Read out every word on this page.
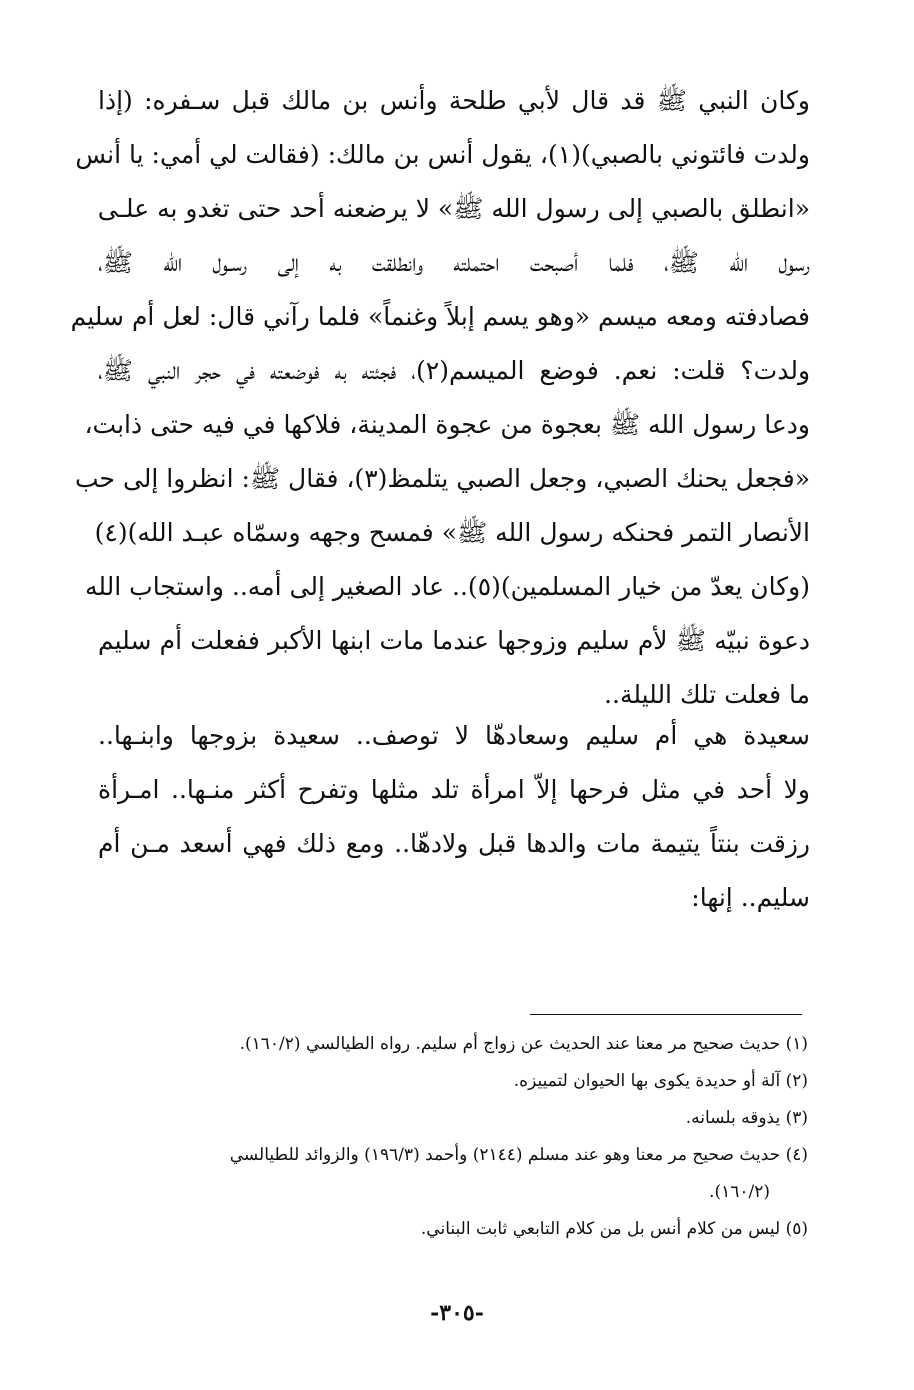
وكان النبي ﷺ قد قال لأبي طلحة وأنس بن مالك قبل سـفره: (إذا
ولدت فائتوني بالصبي)(١)، يقول أنس بن مالك: (فقالت لي أمي: يا أنس
«انطلق بالصبي إلى رسول الله ﷺ» لا يرضعنه أحد حتى تغدو به علـى
رسول الله ﷺ، فلما أصبحت احتملته وانطلقت به إلى رسـول الله ﷺ،
فصادفته ومعه ميسم «وهو يسم إبلاً وغنماً» فلما رآني قال: لعل أم سليم
ولدت؟ قلت: نعم. فوضع الميسم(٢)، فجئته به فوضعته في حجر النبي ﷺ،
ودعا رسول الله ﷺ بعجوة من عجوة المدينة، فلاكها في فيه حتى ذابت،
«فجعل يحنك الصبي، وجعل الصبي يتلمظ(٣)، فقال ﷺ: انظروا إلى حب
الأنصار التمر فحنكه رسول الله ﷺ» فمسح وجهه وسمّاه عبـد الله)(٤)
(وكان يعدّ من خيار المسلمين)(٥).. عاد الصغير إلى أمه.. واستجاب الله
دعوة نبيّه ﷺ لأم سليم وزوجها عندما مات ابنها الأكبر ففعلت أم سليم
ما فعلت تلك الليلة..
سعيدة هي أم سليم وسعادهّا لا توصف.. سعيدة بزوجها وابنـها..
ولا أحد في مثل فرحها إلاّ امرأة تلد مثلها وتفرح أكثر منـها.. امـرأة
رزقت بنتاً يتيمة مات والدها قبل ولادهّا.. ومع ذلك فهي أسعد مـن أم
سليم.. إنها:
(١) حديث صحيح مر معنا عند الحديث عن زواج أم سليم. رواه الطيالسي (١٦٠/٢).
(٢) آلة أو حديدة يكوى بها الحيوان لتمييزه.
(٣) يذوقه بلسانه.
(٤) حديث صحيح مر معنا وهو عند مسلم (٢١٤٤) وأحمد (١٩٦/٣) والزوائد للطيالسي
(١٦٠/٢).
(٥) ليس من كلام أنس بل من كلام التابعي ثابت البناني.
-٣٠٥-
